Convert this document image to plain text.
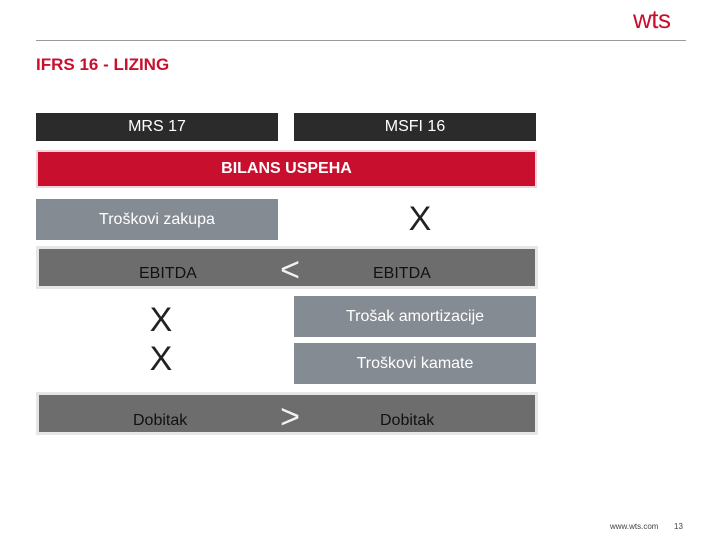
wts
IFRS 16 - LIZING
MRS 17	MSFI 16
BILANS USPEHA
Troškovi zakupa	X
EBITDA <	EBITDA
X	Trošak amortizacije
X	Troškovi kamate
Dobitak	>	Dobitak
www.wts.com 13
